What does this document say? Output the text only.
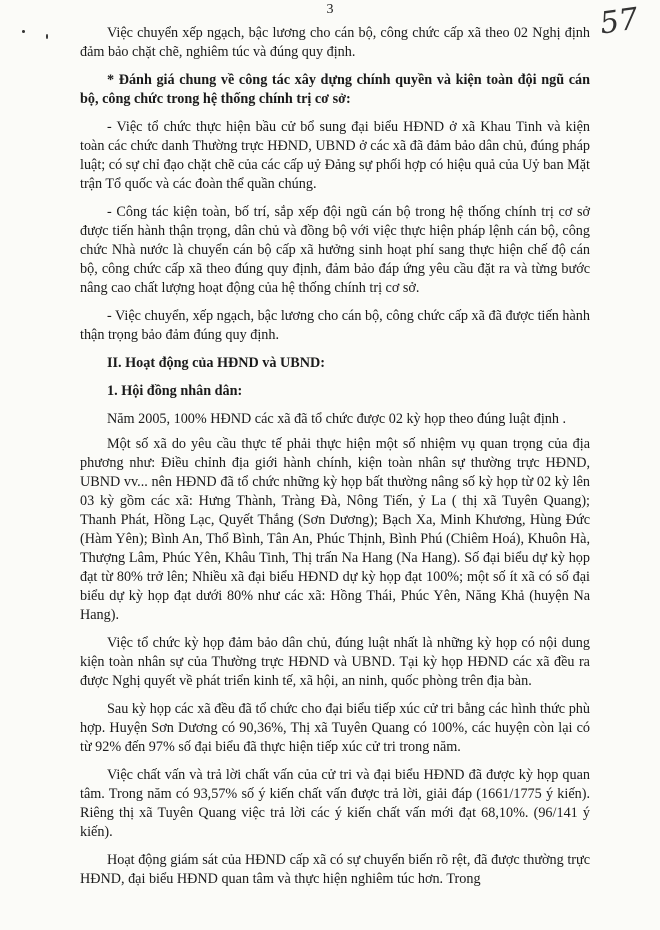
3	57

Việc chuyển xếp ngạch, bậc lương cho cán bộ, công chức cấp xã theo 02 Nghị định đảm bảo chặt chẽ, nghiêm túc và đúng quy định.

* Đánh giá chung về công tác xây dựng chính quyền và kiện toàn đội ngũ cán bộ, công chức trong hệ thống chính trị cơ sở:

- Việc tổ chức thực hiện bầu cử bổ sung đại biểu HĐND ở xã Khau Tinh và kiện toàn các chức danh Thường trực HĐND, UBND ở các xã đã đảm bảo dân chủ, đúng pháp luật; có sự chỉ đạo chặt chẽ của các cấp uỷ Đảng sự phối hợp có hiệu quả của Uỷ ban Mặt trận Tổ quốc và các đoàn thể quần chúng.

- Công tác kiện toàn, bố trí, sắp xếp đội ngũ cán bộ trong hệ thống chính trị cơ sở được tiến hành thận trọng, dân chủ và đồng bộ với việc thực hiện pháp lệnh cán bộ, công chức Nhà nước là chuyển cán bộ cấp xã hưởng sinh hoạt phí sang thực hiện chế độ cán bộ, công chức cấp xã theo đúng quy định, đảm bảo đáp ứng yêu cầu đặt ra và từng bước nâng cao chất lượng hoạt động của hệ thống chính trị cơ sở.

- Việc chuyển, xếp ngạch, bậc lương cho cán bộ, công chức cấp xã đã được tiến hành thận trọng bảo đảm đúng quy định.

II. Hoạt động của HĐND và UBND:

1. Hội đồng nhân dân:

Năm 2005, 100% HĐND các xã đã tổ chức được 02 kỳ họp theo đúng luật định .

Một số xã do yêu cầu thực tế phải thực hiện một số nhiệm vụ quan trọng của địa phương như: Điều chỉnh địa giới hành chính, kiện toàn nhân sự thường trực HĐND, UBND vv... nên HĐND đã tổ chức những kỳ họp bất thường nâng số kỳ họp từ 02 kỳ lên 03 kỳ gồm các xã: Hưng Thành, Tràng Đà, Nông Tiến, ỷ La ( thị xã Tuyên Quang); Thanh Phát, Hồng Lạc, Quyết Thắng (Sơn Dương); Bạch Xa, Minh Khương, Hùng Đức (Hàm Yên); Bình An, Thổ Bình, Tân An, Phúc Thịnh, Bình Phú (Chiêm Hoá), Khuôn Hà, Thượng Lâm, Phúc Yên, Khâu Tinh, Thị trấn Na Hang (Na Hang). Số đại biểu dự kỳ họp đạt từ 80% trở lên; Nhiều xã đại biểu HĐND dự kỳ họp đạt 100%; một số ít xã có số đại biểu dự kỳ họp đạt dưới 80% như các xã: Hồng Thái, Phúc Yên, Năng Khả (huyện Na Hang).

Việc tổ chức kỳ họp đảm bảo dân chủ, đúng luật nhất là những kỳ họp có nội dung kiện toàn nhân sự của Thường trực HĐND và UBND. Tại kỳ họp HĐND các xã đều ra được Nghị quyết về phát triển kinh tế, xã hội, an ninh, quốc phòng trên địa bàn.

Sau kỳ họp các xã đều đã tổ chức cho đại biểu tiếp xúc cử tri bằng các hình thức phù hợp. Huyện Sơn Dương có 90,36%, Thị xã Tuyên Quang có 100%, các huyện còn lại có từ 92% đến 97% số đại biểu đã thực hiện tiếp xúc cử tri trong năm.

Việc chất vấn và trả lời chất vấn của cử tri và đại biểu HĐND đã được kỳ họp quan tâm. Trong năm có 93,57% số ý kiến chất vấn được trả lời, giải đáp (1661/1775 ý kiến). Riêng thị xã Tuyên Quang việc trả lời các ý kiến chất vấn mới đạt 68,10%. (96/141 ý kiến).

Hoạt động giám sát của HĐND cấp xã có sự chuyển biến rõ rệt, đã được thường trực HĐND, đại biểu HĐND quan tâm và thực hiện nghiêm túc hơn. Trong
